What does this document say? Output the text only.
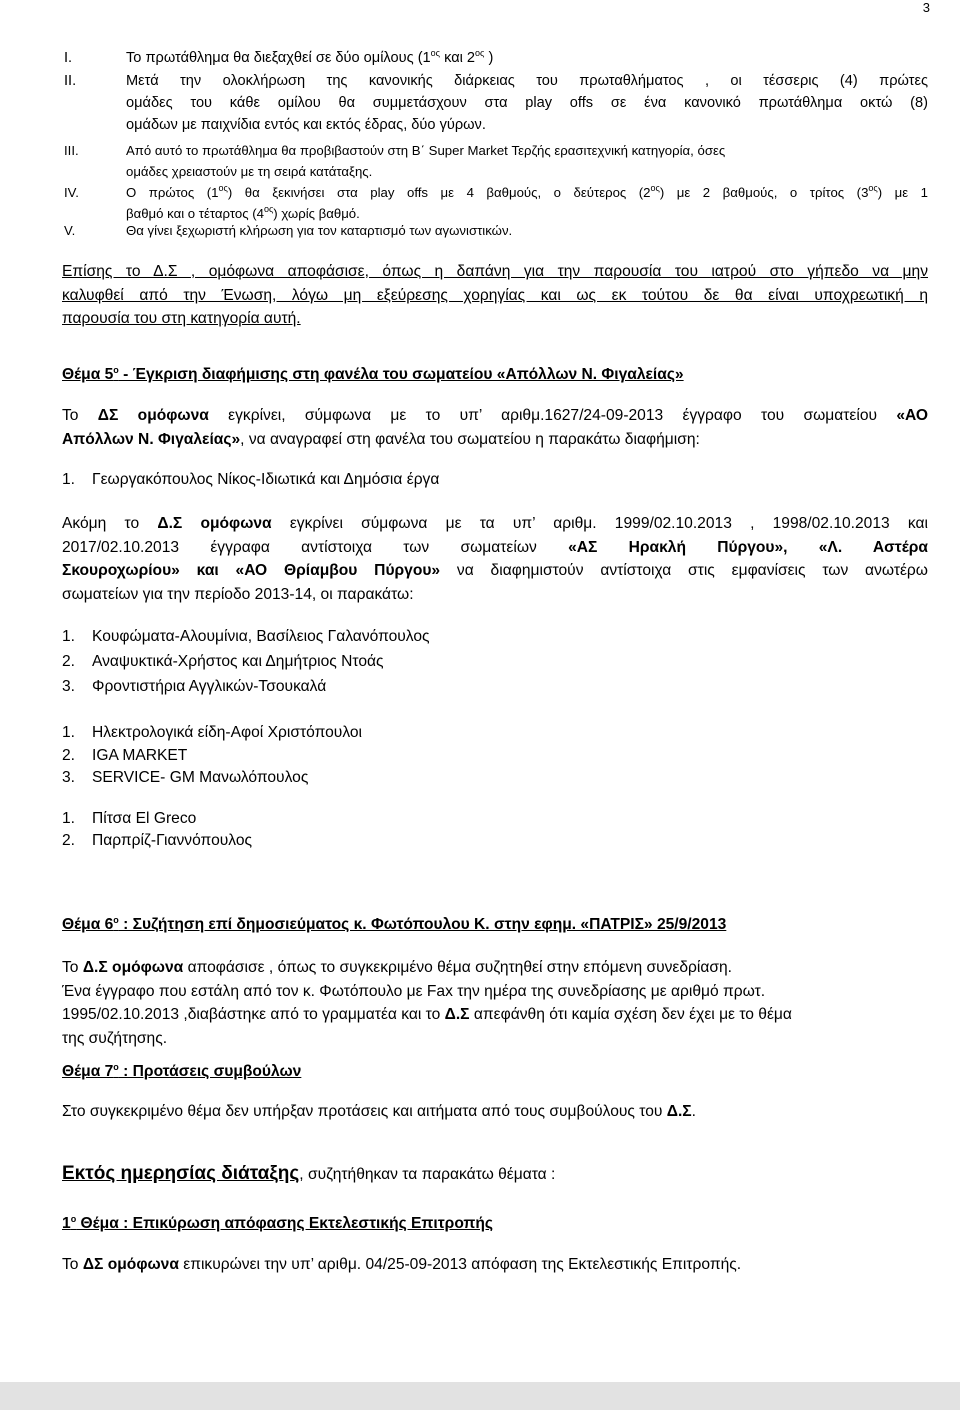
3
I.	Το πρωτάθλημα θα διεξαχθεί σε δύο ομίλους ($1^{o\varsigma}$ και $2^{o\varsigma}$ )
II.	Μετά την ολοκλήρωση της κανονικής διάρκειας του πρωταθλήματος , οι τέσσερις (4) πρώτες
ομάδες του κάθε ομίλου θα συμμετάσχουν στα play offs σε ένα κανονικό πρωτάθλημα οκτώ (8)
ομάδων με παιχνίδια εντός και εκτός έδρας, δύο γύρων.
III.	Από αυτό το πρωτάθλημα θα προβιβαστούν στη Β΄ Super Market Τερζής ερασιτεχνική κατηγορία, όσες
ομάδες χρειαστούν με τη σειρά κατάταξης.
IV.	Ο πρώτος $(1^{o\varsigma})$ θα ξεκινήσει στα play offs με 4 βαθμούς, ο δεύτερος $(2^{o\varsigma})$ με 2 βαθμούς, ο τρίτος $(3^{o\varsigma})$ με 1
βαθμό και ο τέταρτος $(4^{o\varsigma})$ χωρίς βαθμό.
V.	Θα γίνει ξεχωριστή κλήρωση για τον καταρτισμό των αγωνιστικών.
Επίσης το Δ.Σ , ομόφωνα αποφάσισε, όπως η δαπάνη για την παρουσία του ιατρού στο γήπεδο να μην
καλυφθεί από την Ένωση, λόγω μη εξεύρεσης χορηγίας και ως εκ τούτου δε θα είναι υποχρεωτική η
παρουσία του στη κατηγορία αυτή.
Θέμα $5^o$ - Έγκριση διαφήμισης στη φανέλα του σωματείου «Απόλλων Ν. Φιγαλείας»
Το ΔΣ ομόφωνα εγκρίνει, σύμφωνα με το υπ’ αριθμ.1627/24-09-2013 έγγραφο του σωματείου «ΑΟ
Απόλλων Ν. Φιγαλείας», να αναγραφεί στη φανέλα του σωματείου η παρακάτω διαφήμιση:
1. Γεωργακόπουλος Νίκος-Ιδιωτικά και Δημόσια έργα
Ακόμη το Δ.Σ ομόφωνα εγκρίνει σύμφωνα με τα υπ’ αριθμ. 1999/02.10.2013 , 1998/02.10.2013 και
2017/02.10.2013 έγγραφα αντίστοιχα των σωματείων «ΑΣ Ηρακλή Πύργου», «Λ. Αστέρα
Σκουροχωρίου» και «ΑΟ Θρίαμβου Πύργου» να διαφημιστούν αντίστοιχα στις εμφανίσεις των ανωτέρω
σωματείων για την περίοδο 2013-14, οι παρακάτω:
1. Κουφώματα-Αλουμίνια, Βασίλειος Γαλανόπουλος
2. Αναψυκτικά-Χρήστος και Δημήτριος Ντοάς
3. Φροντιστήρια Αγγλικών-Τσουκαλά
1. Ηλεκτρολογικά είδη-Αφοί Χριστόπουλοι
2. IGA MARKET
3. SERVICE- GM Μανωλόπουλος
1. Πίτσα El Greco
2. Παρπρίζ-Γιαννόπουλος
Θέμα $6^o$ : Συζήτηση επί δημοσιεύματος κ. Φωτόπουλου Κ. στην εφημ. «ΠΑΤΡΙΣ» 25/9/2013
Το Δ.Σ ομόφωνα αποφάσισε , όπως το συγκεκριμένο θέμα συζητηθεί στην επόμενη συνεδρίαση.
Ένα έγγραφο που εστάλη από τον κ. Φωτόπουλο με Fax την ημέρα της συνεδρίασης με αριθμό πρωτ.
1995/02.10.2013 ,διαβάστηκε από το γραμματέα και το Δ.Σ απεφάνθη ότι καμία σχέση δεν έχει με το θέμα
της συζήτησης.
Θέμα $7^o$ : Προτάσεις συμβούλων
Στο συγκεκριμένο θέμα δεν υπήρξαν προτάσεις και αιτήματα από τους συμβούλους του Δ.Σ.
Εκτός ημερησίας διάταξης, συζητήθηκαν τα παρακάτω θέματα :
$1^o$ Θέμα : Επικύρωση απόφασης Εκτελεστικής Επιτροπής
Το ΔΣ ομόφωνα επικυρώνει την υπ’ αριθμ. 04/25-09-2013 απόφαση της Εκτελεστικής Επιτροπής.
